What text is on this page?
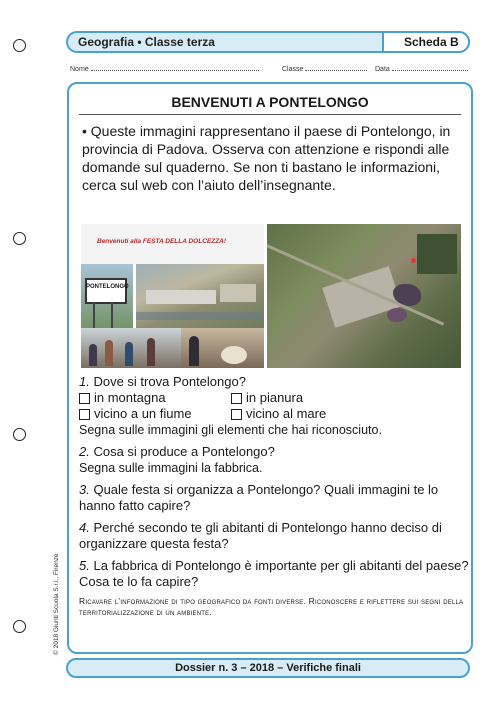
Geografia • Classe terza	Scheda B
Nome	Classe	Data
BENVENUTI A PONTELONGO

• Queste immagini rappresentano il paese di Pontelongo, in provincia di Padova. Osserva con attenzione e rispondi alle domande sul quaderno. Se non ti bastano le informazioni, cerca sul web con l’aiuto dell’insegnante.

Benvenuti alla FESTA DELLA DOLCEZZA!
PONTELONGO

1. Dove si trova Pontelongo?

in montagna	in pianura
vicino a un fiume	vicino al mare

Segna sulle immagini gli elementi che hai riconosciuto.

2. Cosa si produce a Pontelongo?

Segna sulle immagini la fabbrica.

3. Quale festa si organizza a Pontelongo? Quali immagini te lo hanno fatto capire?

4. Perché secondo te gli abitanti di Pontelongo hanno deciso di organizzare questa festa?

5. La fabbrica di Pontelongo è importante per gli abitanti del paese? Cosa te lo fa capire?

Ricavare l’informazione di tipo geografico da fonti diverse. Riconoscere e riflettere sui segni della territorializzazione di un ambiente.

© 2018 Giunti Scuola S.r.l., Firenze
Dossier n. 3 – 2018 – Verifiche finali
